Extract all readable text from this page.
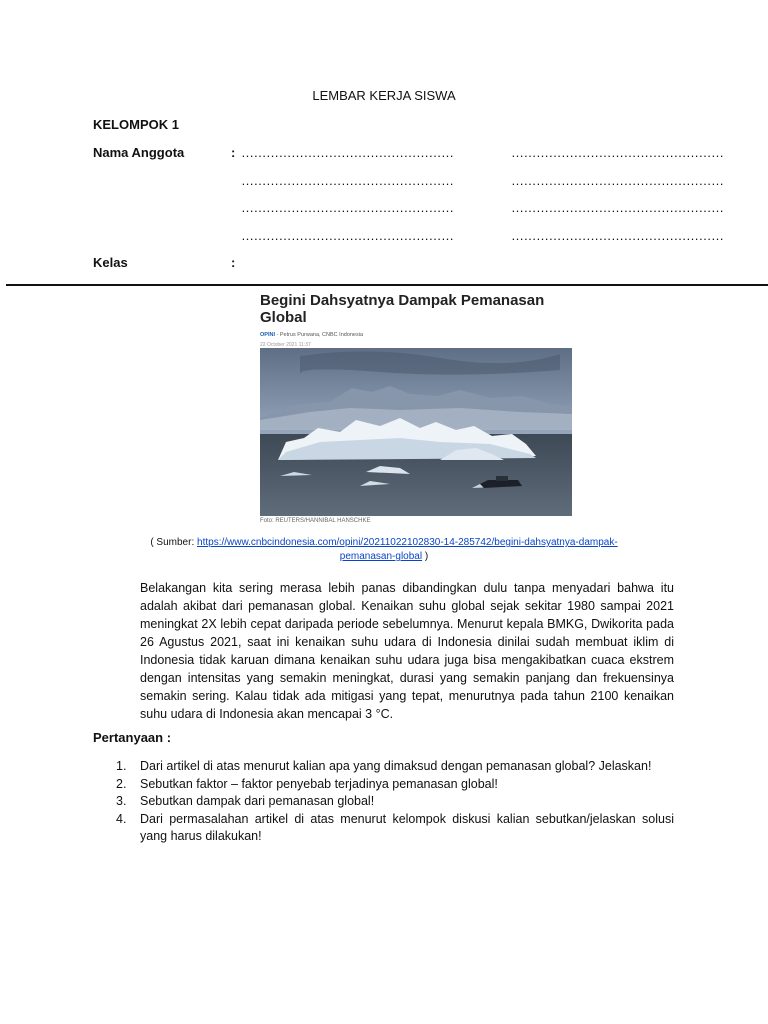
LEMBAR KERJA SISWA
KELOMPOK 1
Nama Anggota	: ……………………………………………	……………………………………………
……………………………………………	……………………………………………
……………………………………………	……………………………………………
……………………………………………	……………………………………………
Kelas	:
Begini Dahsyatnya Dampak Pemanasan Global
OPINI - Petrus Purwana, CNBC Indonesia
22 October 2021 11:37
Foto: REUTERS/HANNIBAL HANSCHKE
( Sumber: https://www.cnbcindonesia.com/opini/20211022102830-14-285742/begini-dahsyatnya-dampak-
pemanasan-global )
Belakangan kita sering merasa lebih panas dibandingkan dulu tanpa menyadari bahwa itu adalah akibat dari pemanasan global. Kenaikan suhu global sejak sekitar 1980 sampai 2021 meningkat 2X lebih cepat daripada periode sebelumnya. Menurut kepala BMKG, Dwikorita pada 26 Agustus 2021, saat ini kenaikan suhu udara di Indonesia dinilai sudah membuat iklim di Indonesia tidak karuan dimana kenaikan suhu udara juga bisa mengakibatkan cuaca ekstrem dengan intensitas yang semakin meningkat, durasi yang semakin panjang dan frekuensinya semakin sering. Kalau tidak ada mitigasi yang tepat, menurutnya pada tahun 2100 kenaikan suhu udara di Indonesia akan mencapai 3 °C.
Pertanyaan :
1. Dari artikel di atas menurut kalian apa yang dimaksud dengan pemanasan global? Jelaskan!
2. Sebutkan faktor – faktor penyebab terjadinya pemanasan global!
3. Sebutkan dampak dari pemanasan global!
4. Dari permasalahan artikel di atas menurut kelompok diskusi kalian sebutkan/jelaskan solusi yang harus dilakukan!
